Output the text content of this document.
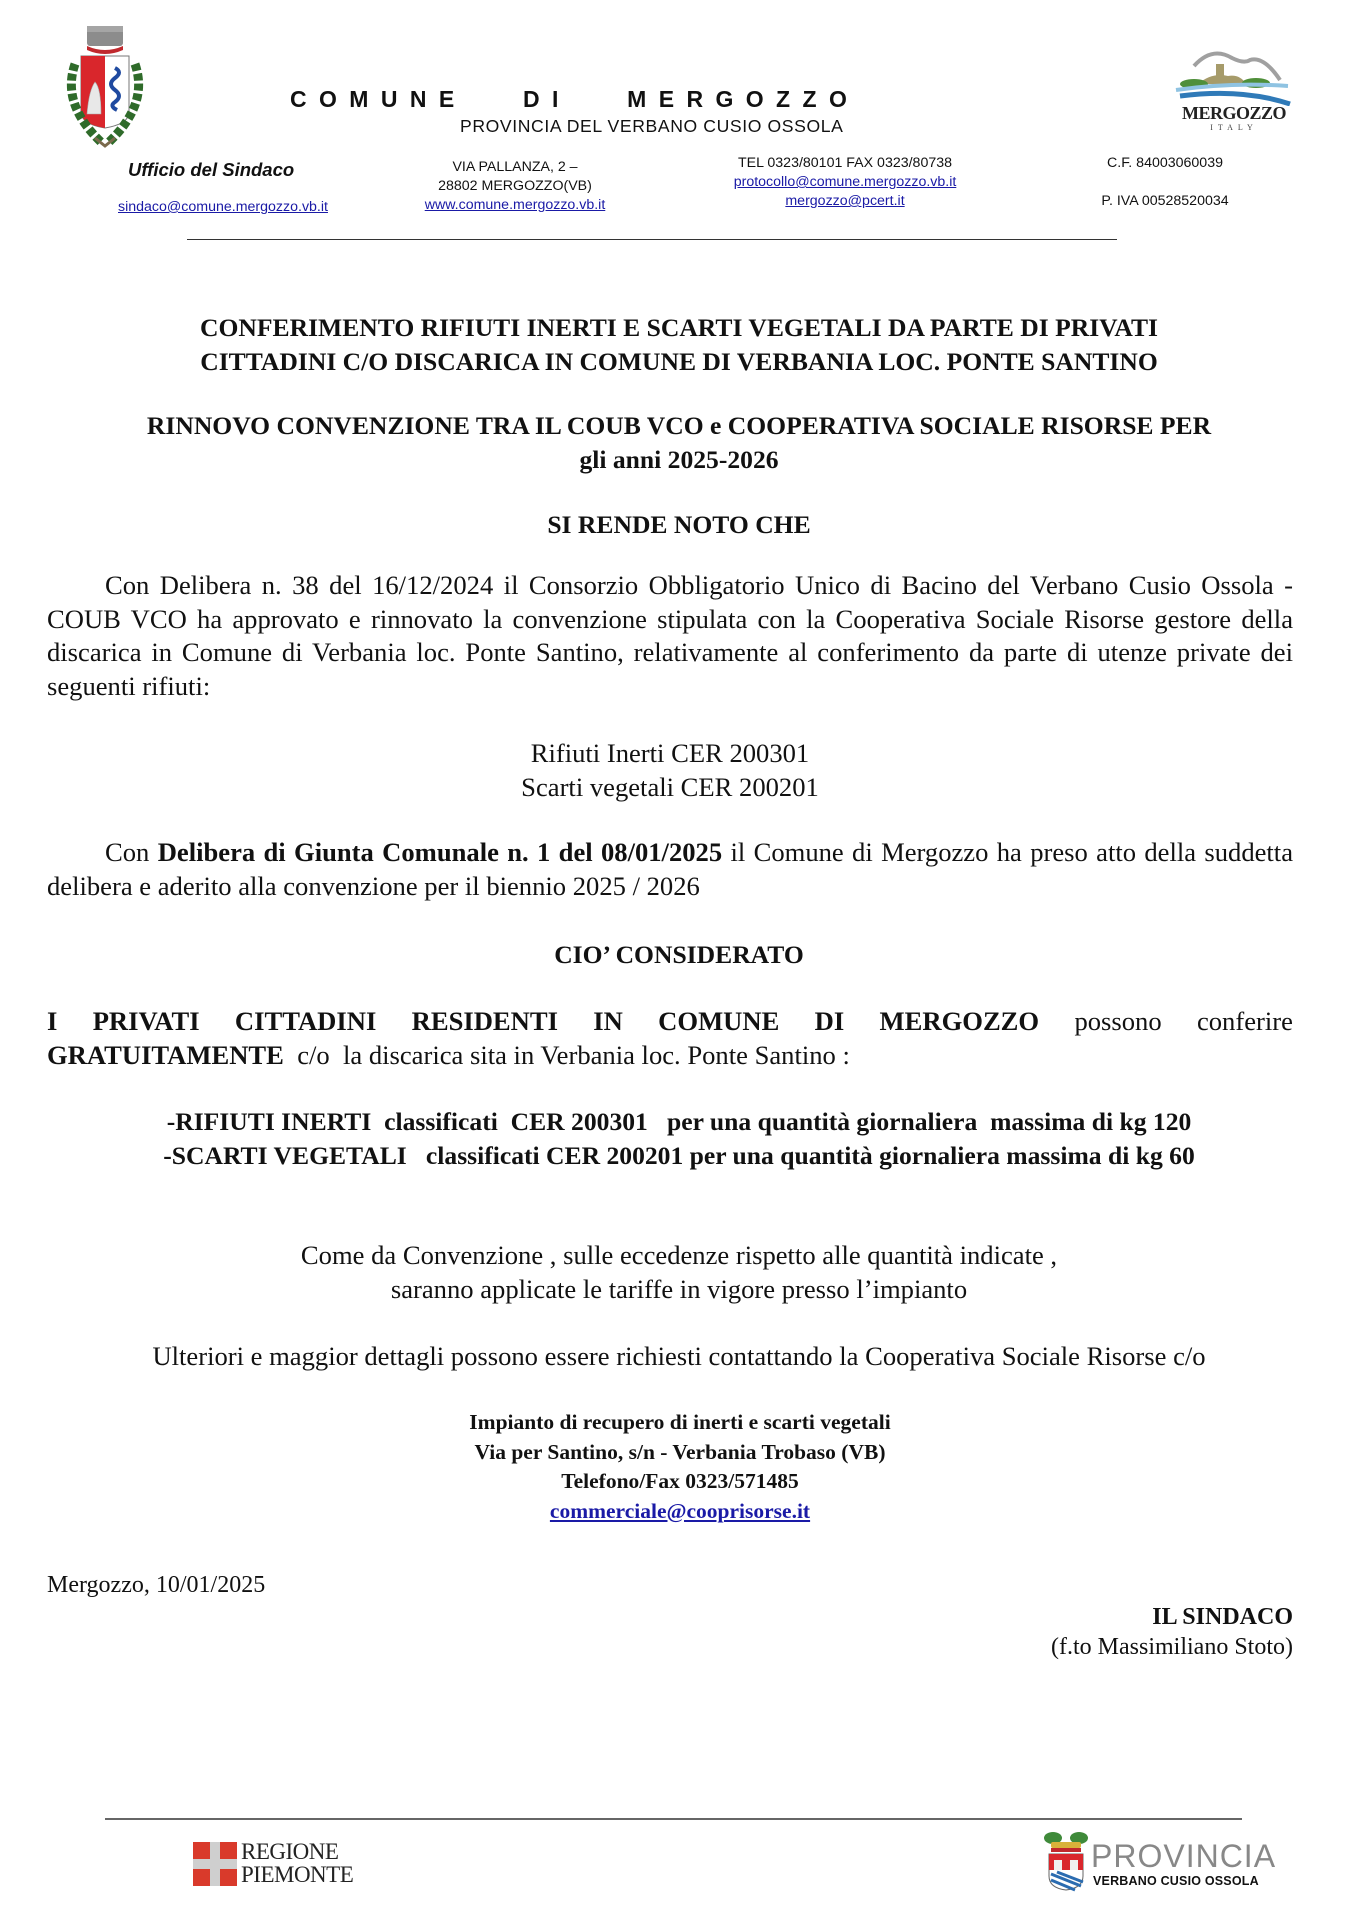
COMUNE   DI   MERGOZZO
PROVINCIA DEL VERBANO CUSIO OSSOLA
MERGOZZO
ITALY
Ufficio del Sindaco
sindaco@comune.mergozzo.vb.it
VIA PALLANZA, 2 –
28802 MERGOZZO(VB)
www.comune.mergozzo.vb.it
TEL 0323/80101 FAX 0323/80738
protocollo@comune.mergozzo.vb.it
mergozzo@pcert.it
C.F. 84003060039
P. IVA 00528520034
CONFERIMENTO RIFIUTI INERTI E SCARTI VEGETALI DA PARTE DI PRIVATI
CITTADINI C/O DISCARICA IN COMUNE DI VERBANIA LOC. PONTE SANTINO
RINNOVO CONVENZIONE TRA IL COUB VCO e COOPERATIVA SOCIALE RISORSE PER
gli anni 2025-2026
SI RENDE NOTO CHE
Con Delibera n. 38 del 16/12/2024 il Consorzio Obbligatorio Unico di Bacino del Verbano Cusio Ossola - COUB VCO ha approvato e rinnovato la convenzione stipulata con la Cooperativa Sociale Risorse gestore della discarica in Comune di Verbania loc. Ponte Santino, relativamente al conferimento da parte di utenze private dei seguenti rifiuti:
Rifiuti Inerti CER 200301
Scarti vegetali CER 200201
Con Delibera di Giunta Comunale n. 1 del 08/01/2025 il Comune di Mergozzo ha preso atto della suddetta delibera e aderito alla convenzione per il biennio 2025 / 2026
CIO’ CONSIDERATO
I PRIVATI CITTADINI RESIDENTI IN COMUNE DI MERGOZZO possono conferire
GRATUITAMENTE  c/o  la discarica sita in Verbania loc. Ponte Santino :
-RIFIUTI INERTI  classificati  CER 200301   per una quantità giornaliera  massima di kg 120
-SCARTI VEGETALI   classificati CER 200201 per una quantità giornaliera massima di kg 60
Come da Convenzione , sulle eccedenze rispetto alle quantità indicate ,
saranno applicate le tariffe in vigore presso l’impianto
Ulteriori e maggior dettagli possono essere richiesti contattando la Cooperativa Sociale Risorse c/o
Impianto di recupero di inerti e scarti vegetali
Via per Santino, s/n - Verbania Trobaso (VB)
Telefono/Fax 0323/571485
commerciale@cooprisorse.it
Mergozzo, 10/01/2025
IL SINDACO
(f.to Massimiliano Stoto)
REGIONE
PIEMONTE
PROVINCIA
VERBANO CUSIO OSSOLA
